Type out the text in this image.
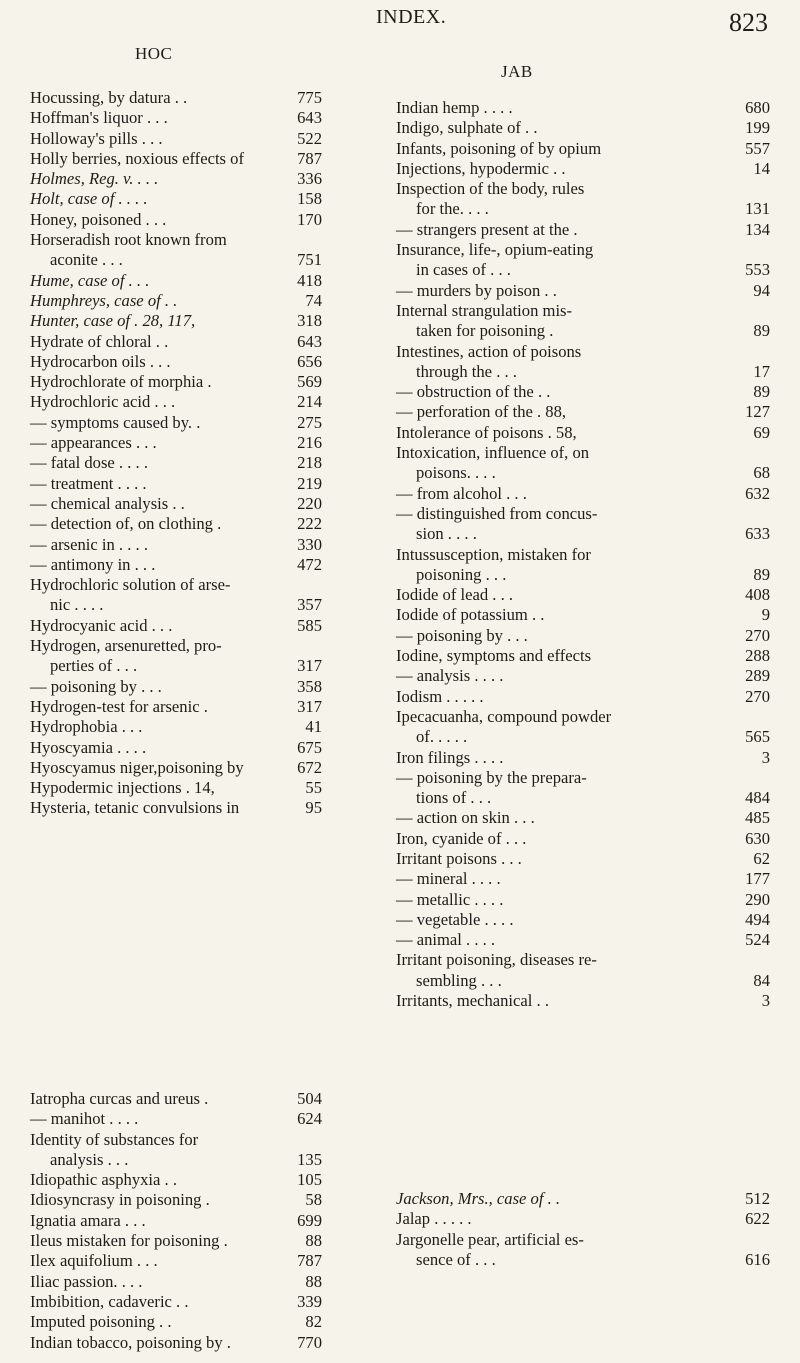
INDEX.	823
HOC
Hocussing, by datura . .	775
Hoffman's liquor . . .	643
Holloway's pills . . .	522
Holly berries, noxious effects of	787
Holmes, Reg. v. . . .	336
Holt, case of . . . .	158
Honey, poisoned . . .	170
Horseradish root known from
aconite . . .	751
Hume, case of . . .	418
Humphreys, case of . .	74
Hunter, case of . 28, 117,	318
Hydrate of chloral . .	643
Hydrocarbon oils . . .	656
Hydrochlorate of morphia .	569
Hydrochloric acid . . .	214
— symptoms caused by. .	275
— appearances . . .	216
— fatal dose . . . .	218
— treatment . . . .	219
— chemical analysis . .	220
— detection of, on clothing .	222
— arsenic in . . . .	330
— antimony in . . .	472
Hydrochloric solution of arse-
nic . . . .	357
Hydrocyanic acid . . .	585
Hydrogen, arsenuretted, pro-
perties of . . .	317
— poisoning by . . .	358
Hydrogen-test for arsenic .	317
Hydrophobia . . .	41
Hyoscyamia . . . .	675
Hyoscyamus niger,poisoning by	672
Hypodermic injections . 14,	55
Hysteria, tetanic convulsions in	95
Iatropha curcas and ureus .	504
— manihot . . . .	624
Identity of substances for
analysis . . .	135
Idiopathic asphyxia . .	105
Idiosyncrasy in poisoning .	58
Ignatia amara . . .	699
Ileus mistaken for poisoning .	88
Ilex aquifolium . . .	787
Iliac passion. . . .	88
Imbibition, cadaveric . .	339
Imputed poisoning . .	82
Indian tobacco, poisoning by .	770
JAB
Indian hemp . . . .	680
Indigo, sulphate of . .	199
Infants, poisoning of by opium	557
Injections, hypodermic . .	14
Inspection of the body, rules
for the. . . .	131
— strangers present at the .	134
Insurance, life-, opium-eating
in cases of . . .	553
— murders by poison . .	94
Internal strangulation mis-
taken for poisoning .	89
Intestines, action of poisons
through the . . .	17
— obstruction of the . .	89
— perforation of the . 88,	127
Intolerance of poisons . 58,	69
Intoxication, influence of, on
poisons. . . .	68
— from alcohol . . .	632
— distinguished from concus-
sion . . . .	633
Intussusception, mistaken for
poisoning . . .	89
Iodide of lead . . .	408
Iodide of potassium . .	9
— poisoning by . . .	270
Iodine, symptoms and effects	288
— analysis . . . .	289
Iodism . . . . .	270
Ipecacuanha, compound powder
of. . . . .	565
Iron filings . . . .	3
— poisoning by the prepara-
tions of . . .	484
— action on skin . . .	485
Iron, cyanide of . . .	630
Irritant poisons . . .	62
— mineral . . . .	177
— metallic . . . .	290
— vegetable . . . .	494
— animal . . . .	524
Irritant poisoning, diseases re-
sembling . . .	84
Irritants, mechanical . .	3
Jackson, Mrs., case of . .	512
Jalap . . . . .	622
Jargonelle pear, artificial es-
sence of . . .	616
